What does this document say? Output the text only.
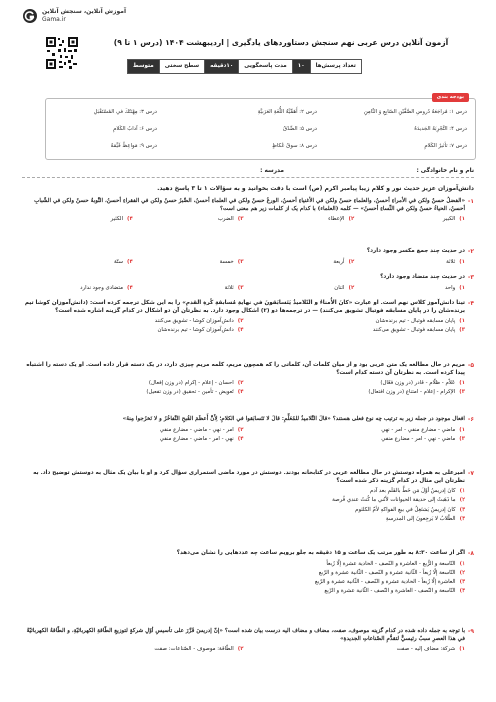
آموزش آنلاین، سنجش آنلاین
Gama.ir
آزمون آنلاین درس عربی نهم سنجش دستاوردهای یادگیری | اردیبهشت ۱۴۰۴ (درس ۱ تا ۹)
تعداد پرسش‌ها
۱۰
مدت پاسخگویی
۱۰دقیقه
سطح سختی
متوسط
بودجه بندی
درس ۱: مُراجَعَةُ دُروسِ الصَّفَّيْنِ السّابِعِ وَ الثّامِنِ
درس ۲: أَهَمِّيَّةُ اللُّغَةِ العَرَبيَّةِ
درس ۳: مِهْنَتُكَ في المُسْتَقْبَلِ
درس ۴: التَّجْرِبَةُ الجَديدَةُ
درس ۵: الصِّدْقُ
درس ۶: آدابُ الكَلامِ
درس ۷: تأثیرُ الكَلامِ
درس ۸: سوقُ عُكاظٍ
درس ۹: مَواعِظُ قَيِّمَةٌ
نام و نام خانوادگی :
مدرسه :
دانش‌آموزان عزیز حدیث نور و کلام زیبا پیامبر اکرم (ص) است با دقت بخوانید و به سؤالات ۱ تا ۳ پاسخ دهید.
۱-
«الفضلُ حسنٌ ولكن في الأمراءِ أحسنُ، والعلماءِ حسنٌ ولكن في الأغنياءِ أحسنُ، الورعُ حسنٌ ولكن في العلماءِ أحسنُ، الصَّبرُ حسنٌ ولكن في الفقراءِ أحسنُ، التَّوبةُ حسنٌ ولكن في الشّبابِ أحسنُ، الحياءُ حسنٌ ولكن في النِّساءِ أحسنُ» — كلمه (العلماء) با کدام یک از کلمات زیر هم معنی است؟
۱)
الكبير
۲)
الإعطاء
۳)
الضرب
۴)
الكثير
۲-
در حدیث چند جمع مکسر وجود دارد؟
۱)
ثلاثة
۲)
أربعة
۳)
خمسة
۴)
ستّة
۳-
در حدیث چند متضاد وجود دارد؟
۱)
واحد
۲)
اثنان
۳)
ثلاثة
۴)
متضادی وجود ندارد
۴-
تینا دانش‌آموز کلاس نهم است. او عبارت «كانَ الأُمناءُ و التّلاميذُ يَتَسابَقونَ في نهايةِ مُسابقةِ كُرةِ القدمِ» را به این شکل ترجمه کرده است: (دانش‌آموزان کوشا تیم برنده‌شان را در پایان مسابقه فوتبال تشویق می‌کنند) — در ترجمه‌ها دو (۲) اشکال وجود دارد. به نظرتان آن دو اشکال در کدام گزینه اشاره شده است؟
۱)
پایان مسابقه فوتبال - تیم برنده‌شان
۲)
دانش‌آموزان کوشا - تشویق می‌کنند
۳)
پایان مسابقه فوتبال - تشویق می‌کنند
۴)
دانش‌آموزان کوشا - تیم برنده‌شان
۵-
مریم در حال مطالعه یک متن عربی بود و از میان کلمات آن، کلماتی را که همچون مریم، کلمه مریم چیزی دارد، در یک دسته قرار داده است. او یک دسته را اشتباه پیدا کرده است. به نظرتان آن دسته کدام است؟
۱)
عَلاّم - ظلّام - قادر (در وزن فعّال)
۲)
احسان - إعلام - إكرام (در وزن إفعال)
۳)
الإكرام - إعلام - امتناع (در وزن افتعال)
۴)
تَعويض - تأمين - تحقيق (در وزن تفعيل)
۶-
افعال موجود در جمله زیر به ترتیب چه نوع فعلی هستند؟ «قالَ التَّلاميذُ للمُعَلِّمِ: قالَ لا تَتَسابَقوا في الكلامِ؛ لِأَنَّ أَعظَمَ القُبحِ التَّفاخُرُ و لا تَخرُجوا مِنهُ»
۱)
ماضي - مضارع منفي - امر - نهي
۲)
امر - نهي - ماضي - مضارع منفي
۳)
ماضي - نهي - امر - مضارع منفي
۴)
نهي - امر - ماضي - مضارع منفي
۷-
امیرعلی به همراه دوستش در حال مطالعه عربی در کتابخانه بودند. دوستش در مورد ماضی استمراری سؤال کرد و او با بیان یک مثال به دوستش توضیح داد. به نظرتان این مثال در کدام گزینه ذکر شده است؟
۱)
كانَ إدريسُ أوّلَ مَن خَطَّ بالقَلَمِ بعد آدم
۲)
ما ذَهَبتُ إلى حديقة الحيوانات لأنّني ما كُنتُ عندي فُرصة
۳)
كانَ إدريسُ يَشتَغِلُ في بيعِ الفواكهِ لأمّ الكلثوم
۴)
الطّلابُ لا يَرجِعونَ إلى المدرسةِ
۸-
اگر از ساعت ۸:۳۰ به طور مرتب یک ساعت و ۱۵ دقیقه به جلو برویم ساعت چه عددهایی را نشان می‌دهد؟
۱)
التّاسعة و الرُّبع - العاشرة و النّصف - الحادية عشرة إلّا رُبعاً
۲)
التّاسعة إلّا رُبعاً - الثّانية عشرة و النّصف - الثّانية عشرة و الرّبع
۳)
العاشرة إلّا رُبعاً - الحادية عشرة و النّصف - الثّانية عشرة و الرّبع
۴)
التّاسعة و النّصف - العاشرة و النّصف - الثّانية عشرة و الرّبع
۹-
با توجه به جمله داده شده در کدام گزینه موصوف، صفت، مضاف و مضاف الیه درست بیان شده است؟ «إنّ إدريسَ قَرَّرَ على تأسيسِ أوّلِ شركةٍ لتوزيعِ الطّاقةِ الكهربائيّةِ، و الطّاقةُ الكهربائيّةُ في هذا العصرِ سببٌ رئيسيٌّ لتقدُّمِ الصّناعاتِ الجديدةِ»
۱)
شركة: مضاف إليه - صفت
۲)
الطّاقة: موصوف - الصّناعات: صفت
